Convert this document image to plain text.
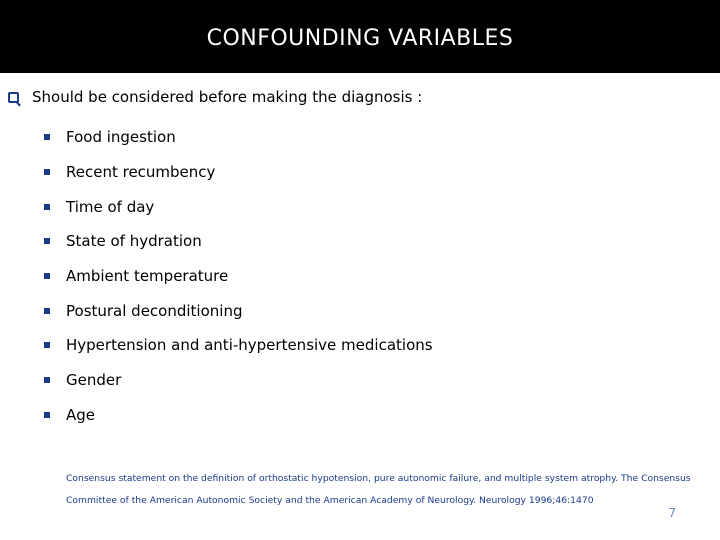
CONFOUNDING VARIABLES
Should be considered before making the diagnosis :
Food ingestion
Recent recumbency
Time of day
State of hydration
Ambient temperature
Postural deconditioning
Hypertension and anti-hypertensive medications
Gender
Age

Consensus statement on the definition of orthostatic hypotension, pure autonomic failure, and multiple system atrophy. The Consensus Committee of the American Autonomic Society and the American Academy of Neurology. Neurology 1996;46:1470

7
